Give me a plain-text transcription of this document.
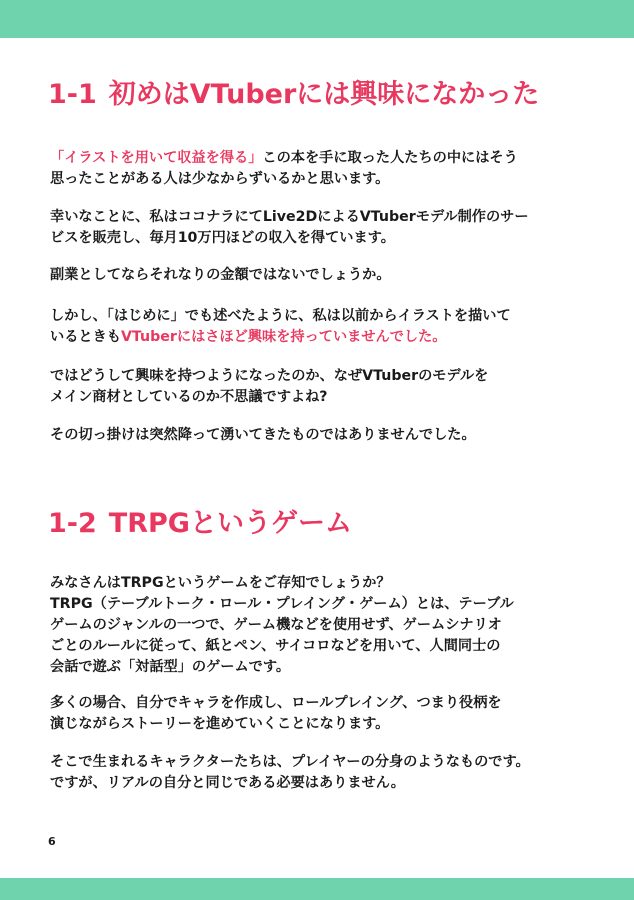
1-1 初めはVTuberには興味になかった

「イラストを用いて収益を得る」この本を手に取った人たちの中にはそう
思ったことがある人は少なからずいるかと思います。

幸いなことに、私はココナラにてLive2DによるVTuberモデル制作のサー
ビスを販売し、毎月10万円ほどの収入を得ています。

副業としてならそれなりの金額ではないでしょうか。

しかし、「はじめに」でも述べたように、私は以前からイラストを描いて
いるときもVTuberにはさほど興味を持っていませんでした。

ではどうして興味を持つようになったのか、なぜVTuberのモデルを
メイン商材としているのか不思議ですよね?

その切っ掛けは突然降って湧いてきたものではありませんでした。

1-2 TRPGというゲーム

みなさんはTRPGというゲームをご存知でしょうか？
TRPG（テーブルトーク・ロール・プレイング・ゲーム）とは、テーブル
ゲームのジャンルの一つで、ゲーム機などを使用せず、ゲームシナリオ
ごとのルールに従って、紙とペン、サイコロなどを用いて、人間同士の
会話で遊ぶ「対話型」のゲームです。

多くの場合、自分でキャラを作成し、ロールプレイング、つまり役柄を
演じながらストーリーを進めていくことになります。

そこで生まれるキャラクターたちは、プレイヤーの分身のようなものです。
ですが、リアルの自分と同じである必要はありません。

6
